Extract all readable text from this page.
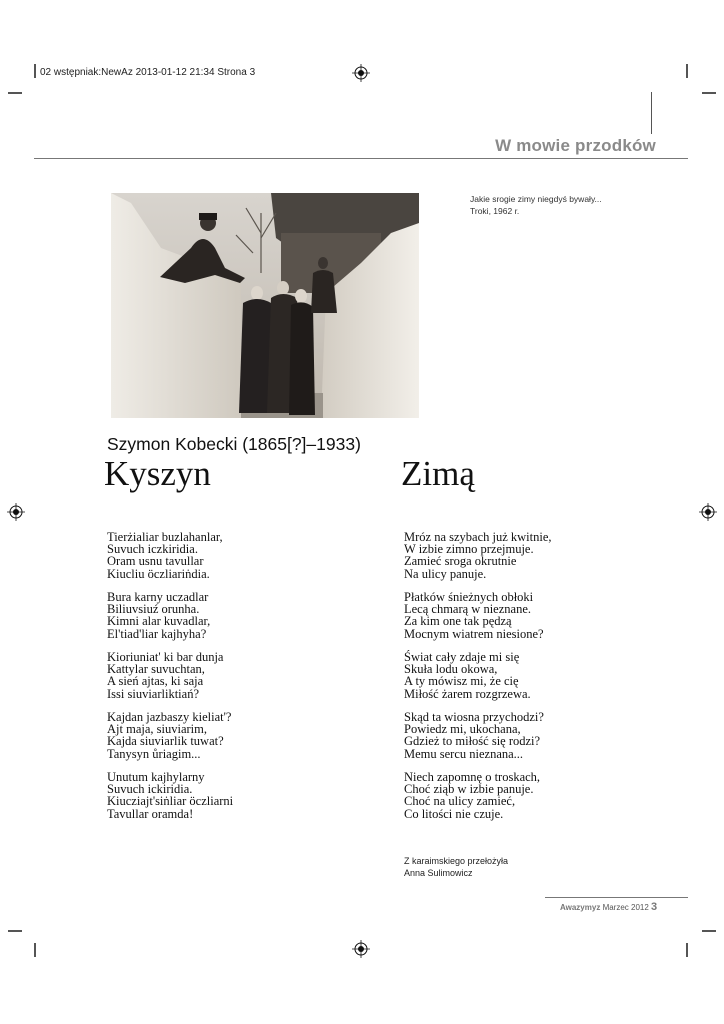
02 wstępniak:NewAz 2013-01-12 21:34 Strona 3
W mowie przodków
Jakie srogie zimy niegdyś bywały...
Troki, 1962 r.
Szymon Kobecki (1865[?]–1933)
Kyszyn	Zimą
Tierżialiar buzlahanlar,
Suvuch iczkiridia.
Oram usnu tavullar
Kiucliu öczliariṅdia.
Bura karny uczadlar
Biliuvsiuź orunha.
Kimni alar kuvadlar,
El'tiad'liar kajhyha?
Kioriuniat' ki bar dunja
Kattylar suvuchtan,
A sień ajtas, ki saja
Issi siuviarliktiań?
Kajdan jazbaszy kieliat'?
Ajt maja, siuviarim,
Kajda siuviarlik tuwat?
Tanysyn ůriagim...
Unutum kajhylarny
Suvuch ickiridia.
Kiucziajt'siṅliar öczliarni
Tavullar oramda!
Mróz na szybach już kwitnie,
W izbie zimno przejmuje.
Zamieć sroga okrutnie
Na ulicy panuje.
Płatków śnieżnych obłoki
Lecą chmarą w nieznane.
Za kim one tak pędzą
Mocnym wiatrem niesione?
Świat cały zdaje mi się
Skuła lodu okowa,
A ty mówisz mi, że cię
Miłość żarem rozgrzewa.
Skąd ta wiosna przychodzi?
Powiedz mi, ukochana,
Gdzież to miłość się rodzi?
Memu sercu nieznana...
Niech zapomnę o troskach,
Choć ziąb w izbie panuje.
Choć na ulicy zamieć,
Co litości nie czuje.
Z karaimskiego przełożyła
Anna Sulimowicz
Awazymyz Marzec 2012 3
